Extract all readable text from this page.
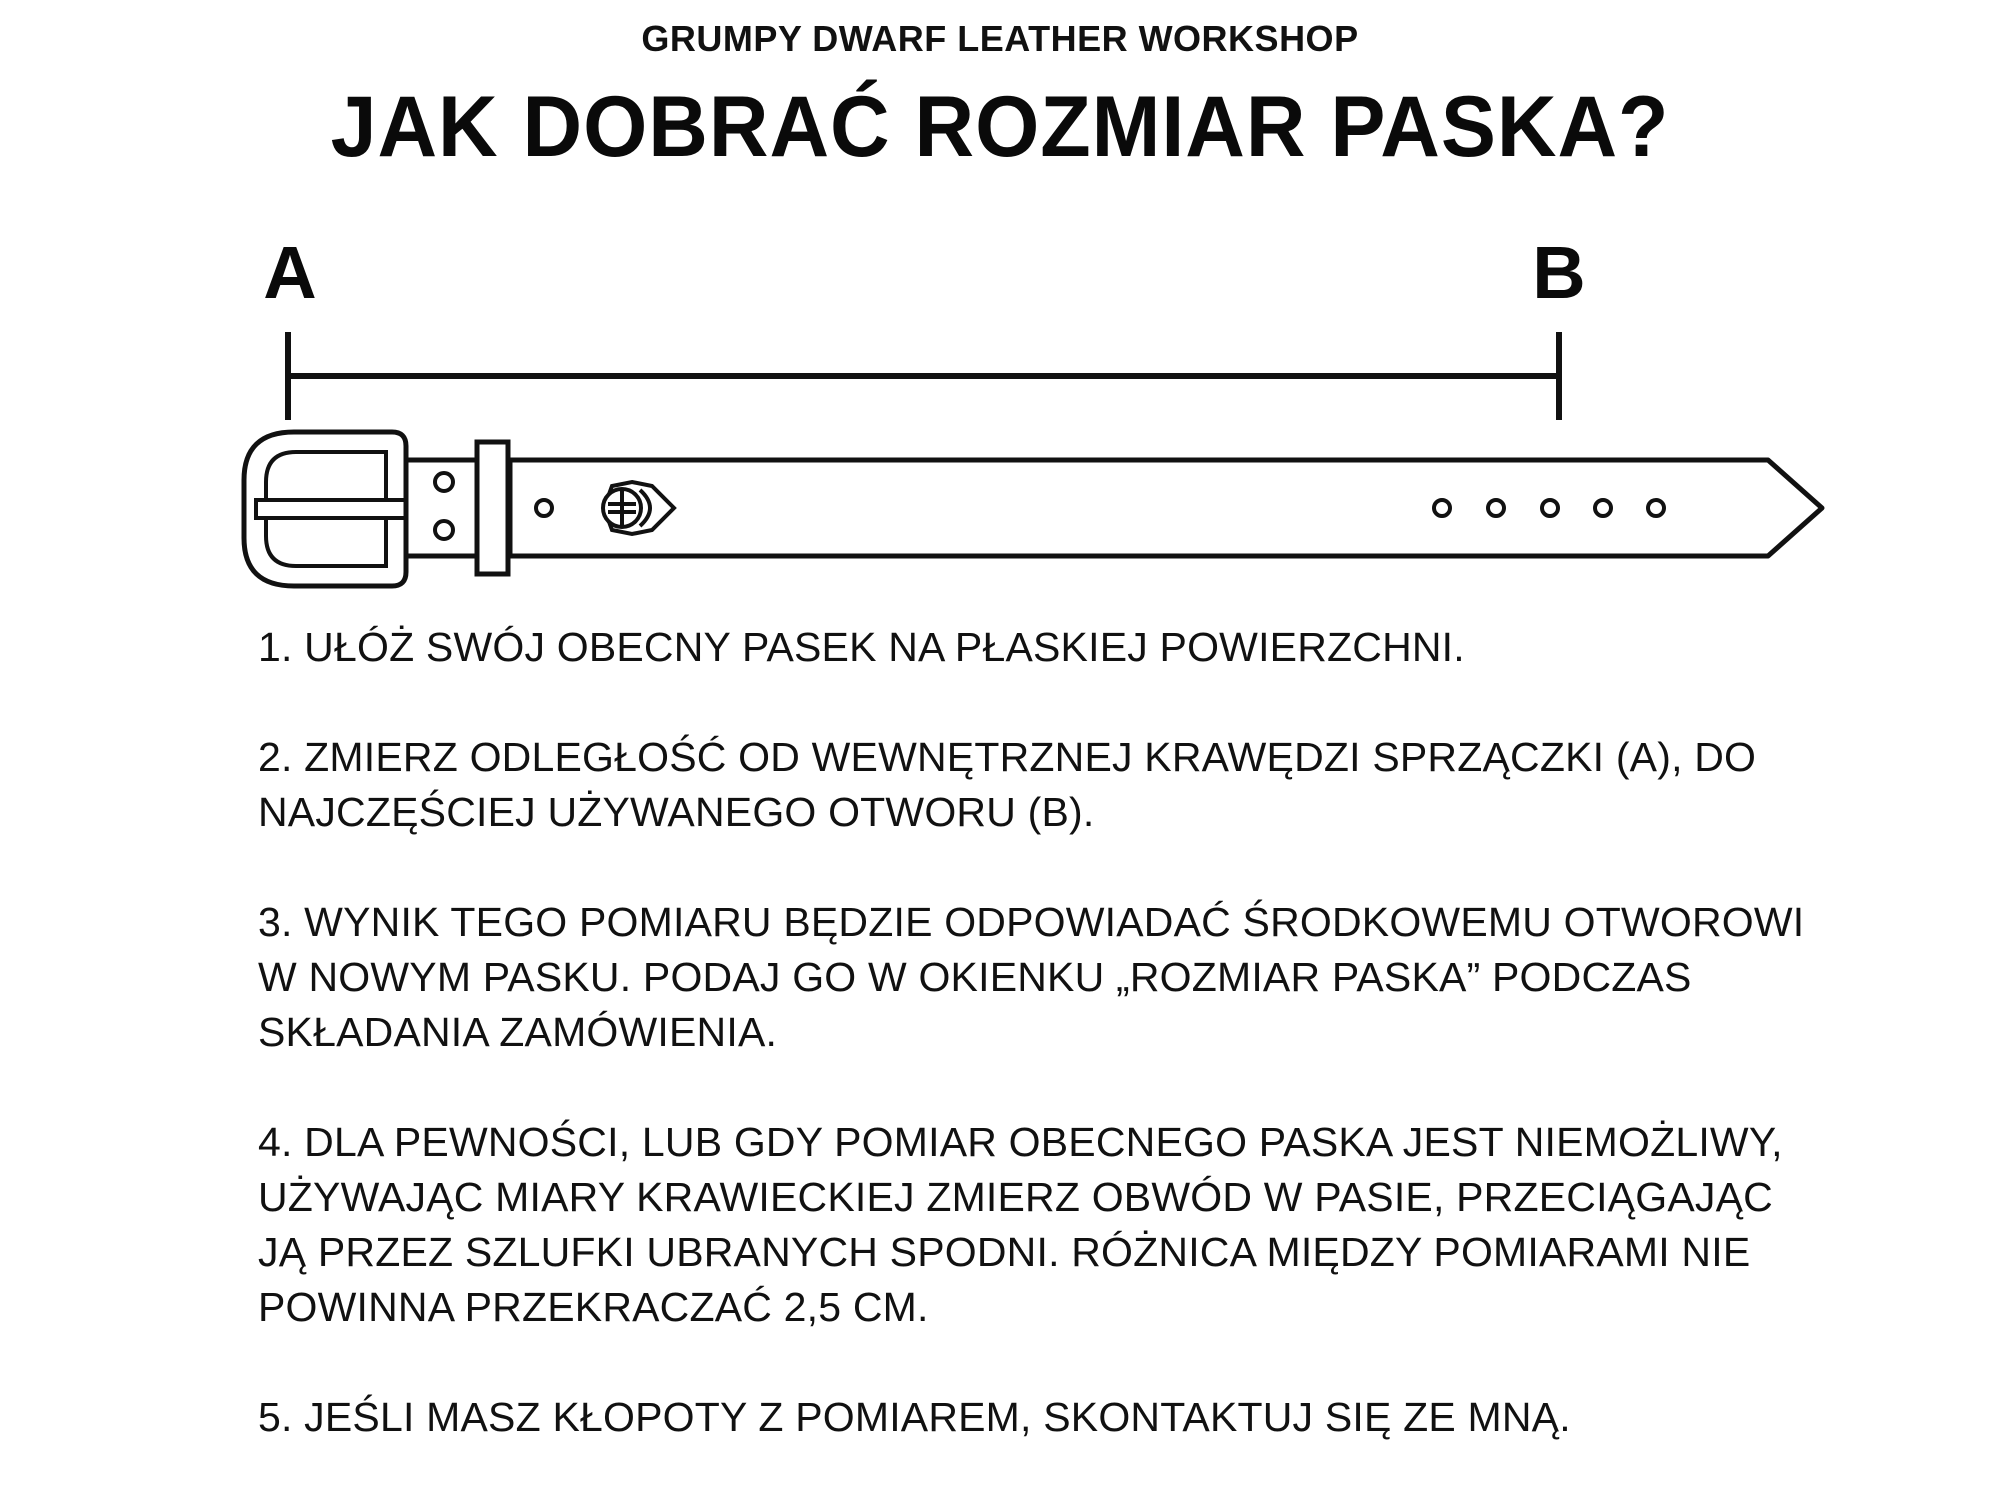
GRUMPY DWARF LEATHER WORKSHOP
JAK DOBRAĆ ROZMIAR PASKA?
A	B
1. UŁÓŻ SWÓJ OBECNY PASEK NA PŁASKIEJ POWIERZCHNI.
2. ZMIERZ ODLEGŁOŚĆ OD WEWNĘTRZNEJ KRAWĘDZI SPRZĄCZKI (A), DO NAJCZĘŚCIEJ UŻYWANEGO OTWORU (B).
3. WYNIK TEGO POMIARU BĘDZIE ODPOWIADAĆ ŚRODKOWEMU OTWOROWI W NOWYM PASKU. PODAJ GO W OKIENKU „ROZMIAR PASKA” PODCZAS SKŁADANIA ZAMÓWIENIA.
4. DLA PEWNOŚCI, LUB GDY POMIAR OBECNEGO PASKA JEST NIEMOŻLIWY, UŻYWAJĄC MIARY KRAWIECKIEJ ZMIERZ OBWÓD W PASIE, PRZECIĄGAJĄC JĄ PRZEZ SZLUFKI UBRANYCH SPODNI. RÓŻNICA MIĘDZY POMIARAMI NIE POWINNA PRZEKRACZAĆ 2,5 CM.
5. JEŚLI MASZ KŁOPOTY Z POMIAREM, SKONTAKTUJ SIĘ ZE MNĄ.
